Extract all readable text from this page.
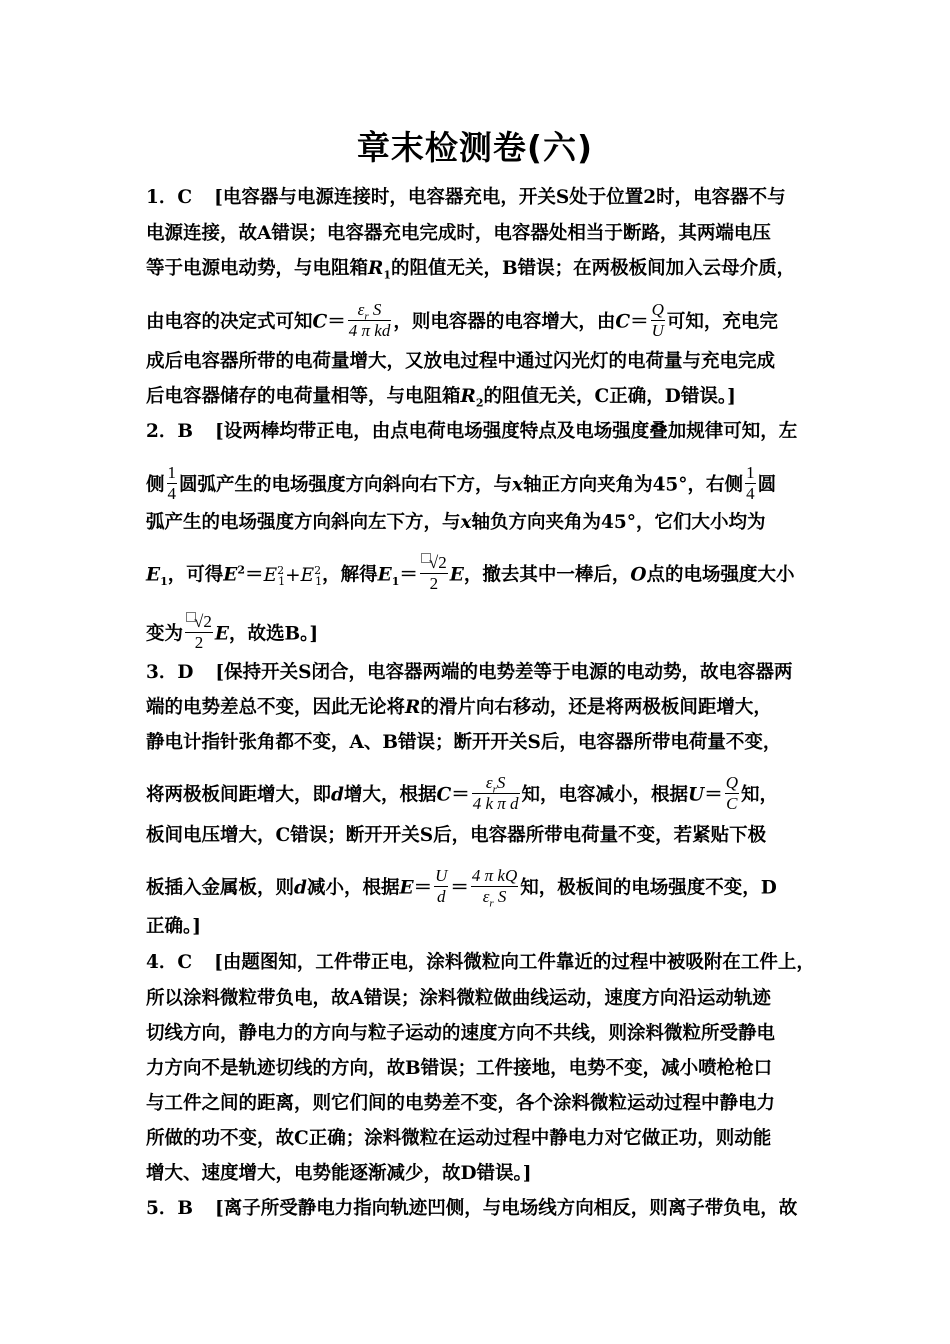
章末检测卷(六)
1．C [电容器与电源连接时，电容器充电，开关S处于位置2时，电容器不与
电源连接，故A错误；电容器充电完成时，电容器处相当于断路，其两端电压
等于电源电动势，与电阻箱$R_1$的阻值无关，B错误；在两极板间加入云母介质，
由电容的决定式可知$C= \frac{\varepsilon_r S}{\text{4 π kd}}$ ，则电容器的电容增大，由$C= \frac{Q}{U}$ 可知，充电完
成后电容器所带的电荷量增大，又放电过程中通过闪光灯的电荷量与充电完成
后电容器储存的电荷量相等，与电阻箱$R_2$的阻值无关，C正确，D错误。]
2．B [设两棒均带正电，由点电荷电场强度特点及电场强度叠加规律可知，左
侧 $\frac{1}{4}$ 圆弧产生的电场强度方向斜向右下方，与x轴正方向夹角为45°，右侧 $\frac{1}{4}$ 圆
弧产生的电场强度方向斜向左下方，与x轴负方向夹角为45°，它们大小均为
$E_1$，可得$E^2=E^2_1+E^2_1$，解得$E_1= \frac{√2}{2}$ E，撤去其中一棒后，O点的电场强度大小
变为 $\frac{√2}{2}$ E，故选B。]
3．D [保持开关S闭合，电容器两端的电势差等于电源的电动势，故电容器两
端的电势差总不变，因此无论将R的滑片向右移动，还是将两极板间距增大，
静电计指针张角都不变，A、B错误；断开开关S后，电容器所带电荷量不变，
将两极板间距增大，即d增大，根据$C= \frac{\varepsilon_rS}{\text{4 k π d}}$ 知，电容减小，根据$U= \frac{Q}{C}$ 知，
板间电压增大，C错误；断开开关S后，电容器所带电荷量不变，若紧贴下极
板插入金属板，则d减小，根据$E= \frac{U}{d} = \frac{\text{4 π kQ}}{\varepsilon_r S}$ 知，极板间的电场强度不变，D
正确。]
4．C [由题图知，工件带正电，涂料微粒向工件靠近的过程中被吸附在工件上，
所以涂料微粒带负电，故A错误；涂料微粒做曲线运动，速度方向沿运动轨迹
切线方向，静电力的方向与粒子运动的速度方向不共线，则涂料微粒所受静电
力方向不是轨迹切线的方向，故B错误；工件接地，电势不变，减小喷枪枪口
与工件之间的距离，则它们间的电势差不变，各个涂料微粒运动过程中静电力
所做的功不变，故C正确；涂料微粒在运动过程中静电力对它做正功，则动能
增大、速度增大，电势能逐渐减少，故D错误。]
5．B [离子所受静电力指向轨迹凹侧，与电场线方向相反，则离子带负电，故
